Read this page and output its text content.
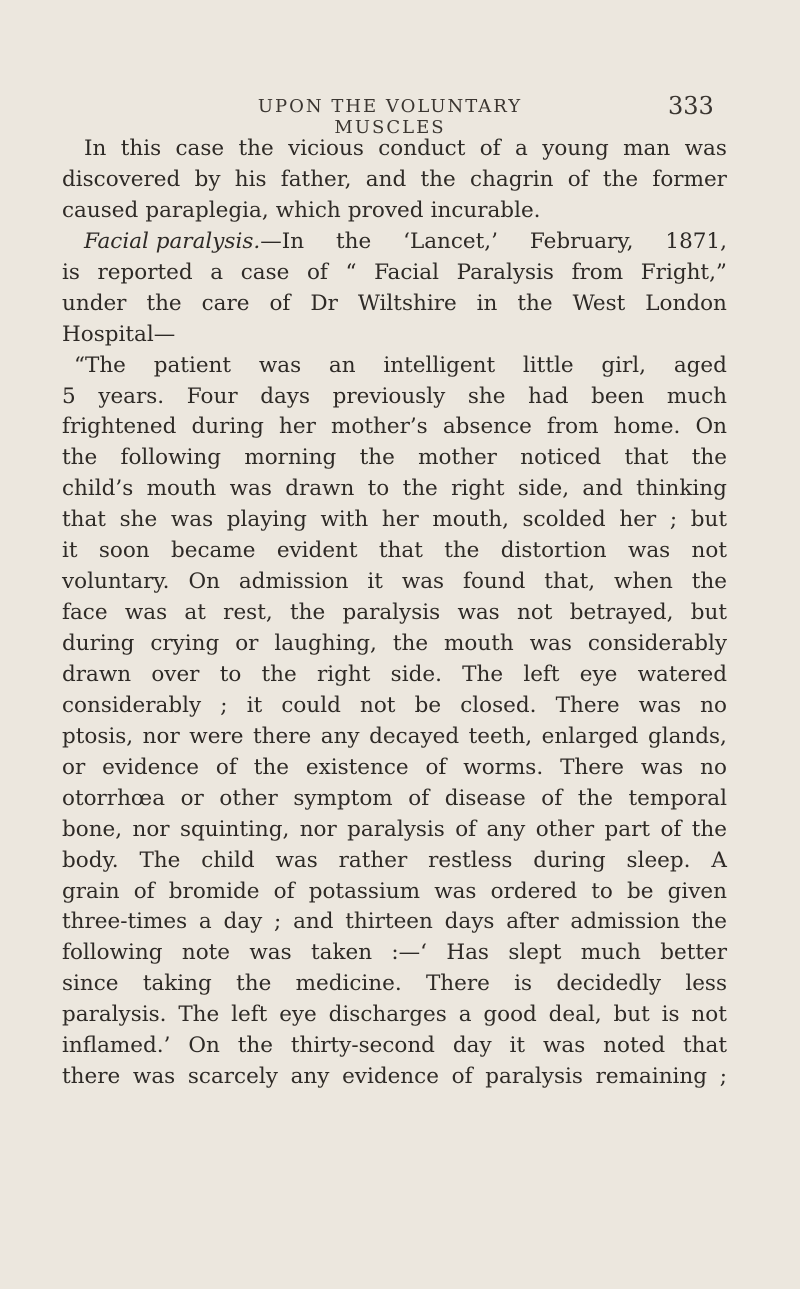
UPON THE VOLUNTARY MUSCLES
333
In this case the vicious conduct of a young man was
discovered by his father, and the chagrin of the former
caused paraplegia, which proved incurable.
Facial paralysis.—In the ‘Lancet,’ February, 1871,
is reported a case of “ Facial Paralysis from Fright,”
under the care of Dr Wiltshire in the West London
Hospital—
“The patient was an intelligent little girl, aged
5 years. Four days previously she had been much
frightened during her mother’s absence from home. On
the following morning the mother noticed that the
child’s mouth was drawn to the right side, and thinking
that she was playing with her mouth, scolded her ; but
it soon became evident that the distortion was not
voluntary. On admission it was found that, when the
face was at rest, the paralysis was not betrayed, but
during crying or laughing, the mouth was considerably
drawn over to the right side. The left eye watered
considerably ; it could not be closed. There was no
ptosis, nor were there any decayed teeth, enlarged glands,
or evidence of the existence of worms. There was no
otorrhœa or other symptom of disease of the temporal
bone, nor squinting, nor paralysis of any other part of the
body. The child was rather restless during sleep. A
grain of bromide of potassium was ordered to be given
three-times a day ; and thirteen days after admission the
following note was taken :—‘ Has slept much better
since taking the medicine. There is decidedly less
paralysis. The left eye discharges a good deal, but is not
inflamed.’ On the thirty-second day it was noted that
there was scarcely any evidence of paralysis remaining ;
